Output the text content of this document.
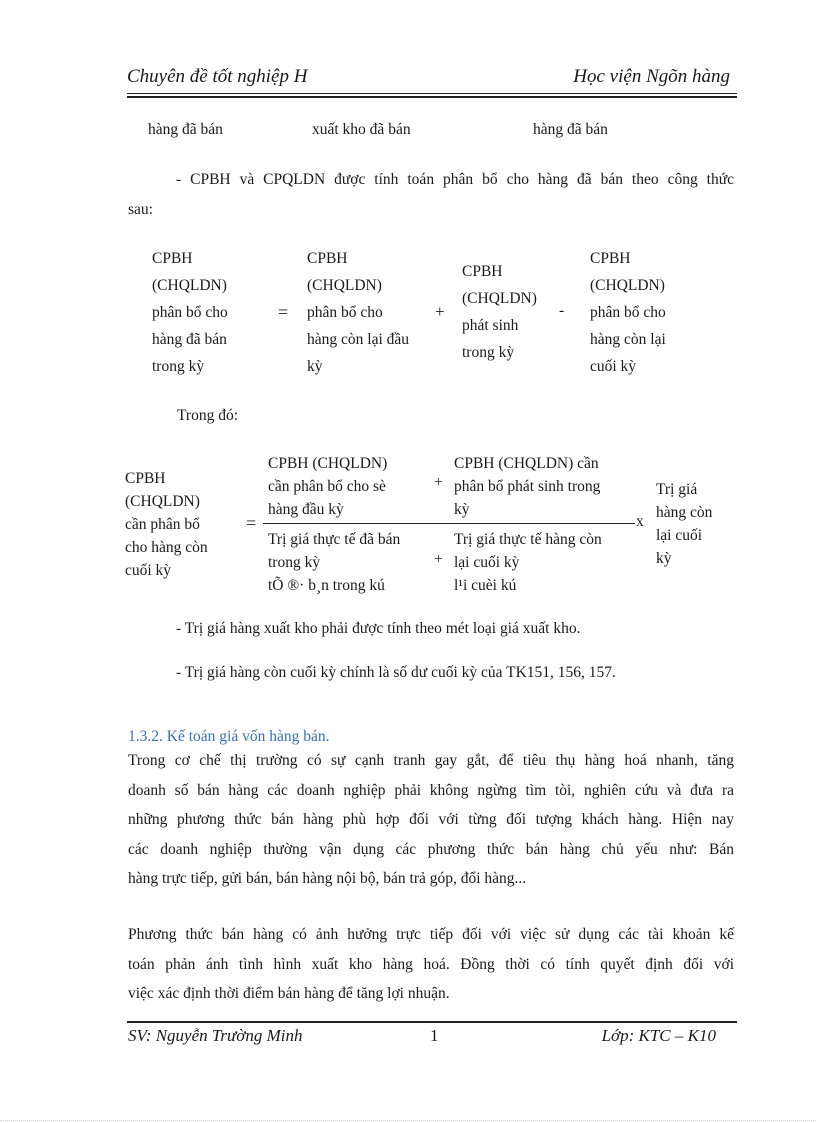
Chuyên đề tốt nghiệp H	Học viện Ngõn hàng
hàng đã bán	xuất kho đã bán	hàng đã bán
- CPBH và CPQLDN được tính toán phân bổ cho hàng đã bán theo công thức
sau:
CPBH
(CHQLDN)
phân bổ cho
hàng đã bán
trong kỳ
=
CPBH
(CHQLDN)
phân bổ cho
hàng còn lại đầu
kỳ
+
CPBH
(CHQLDN)
phát sinh
trong kỳ
-
CPBH
(CHQLDN)
phân bổ cho
hàng còn lại
cuối kỳ
Trong đó:
CPBH
(CHQLDN)
cần phân bổ
cho hàng còn
cuối kỳ
=
CPBH (CHQLDN)
cần phân bổ cho sè
hàng đầu kỳ
+
CPBH (CHQLDN) cần
phân bổ phát sinh trong
kỳ
x
Trị giá thực tế đã bán
trong kỳ
tÕ ®· b¸n trong kú
+
Trị giá thực tế hàng còn
lại cuối kỳ
l¹i cuèi kú
Trị giá
hàng còn
lại cuối
kỳ
- Trị giá hàng xuất kho phải được tính theo mét loại giá xuất kho.
- Trị giá hàng còn cuối kỳ chính là số dư cuối kỳ của TK151, 156, 157.
1.3.2. Kế toán giá vốn hàng bán.
Trong cơ chế thị trường có sự cạnh tranh gay gắt, để tiêu thụ hàng hoá nhanh, tăng
doanh số bán hàng các doanh nghiệp phải không ngừng tìm tòi, nghiên cứu và đưa ra
những phương thức bán hàng phù hợp đối với từng đối tượng khách hàng. Hiện nay
các doanh nghiệp thường vận dụng các phương thức bán hàng chủ yếu như: Bán
hàng trực tiếp, gửi bán, bán hàng nội bộ, bán trả góp, đổi hàng...
Phương thức bán hàng có ảnh hưởng trực tiếp đối với việc sử dụng các tài khoản kế
toán phản ánh tình hình xuất kho hàng hoá. Đồng thời có tính quyết định đối với
việc xác định thời điểm bán hàng để tăng lợi nhuận.
SV: Nguyễn Trường Minh	1	Lớp: KTC – K10
